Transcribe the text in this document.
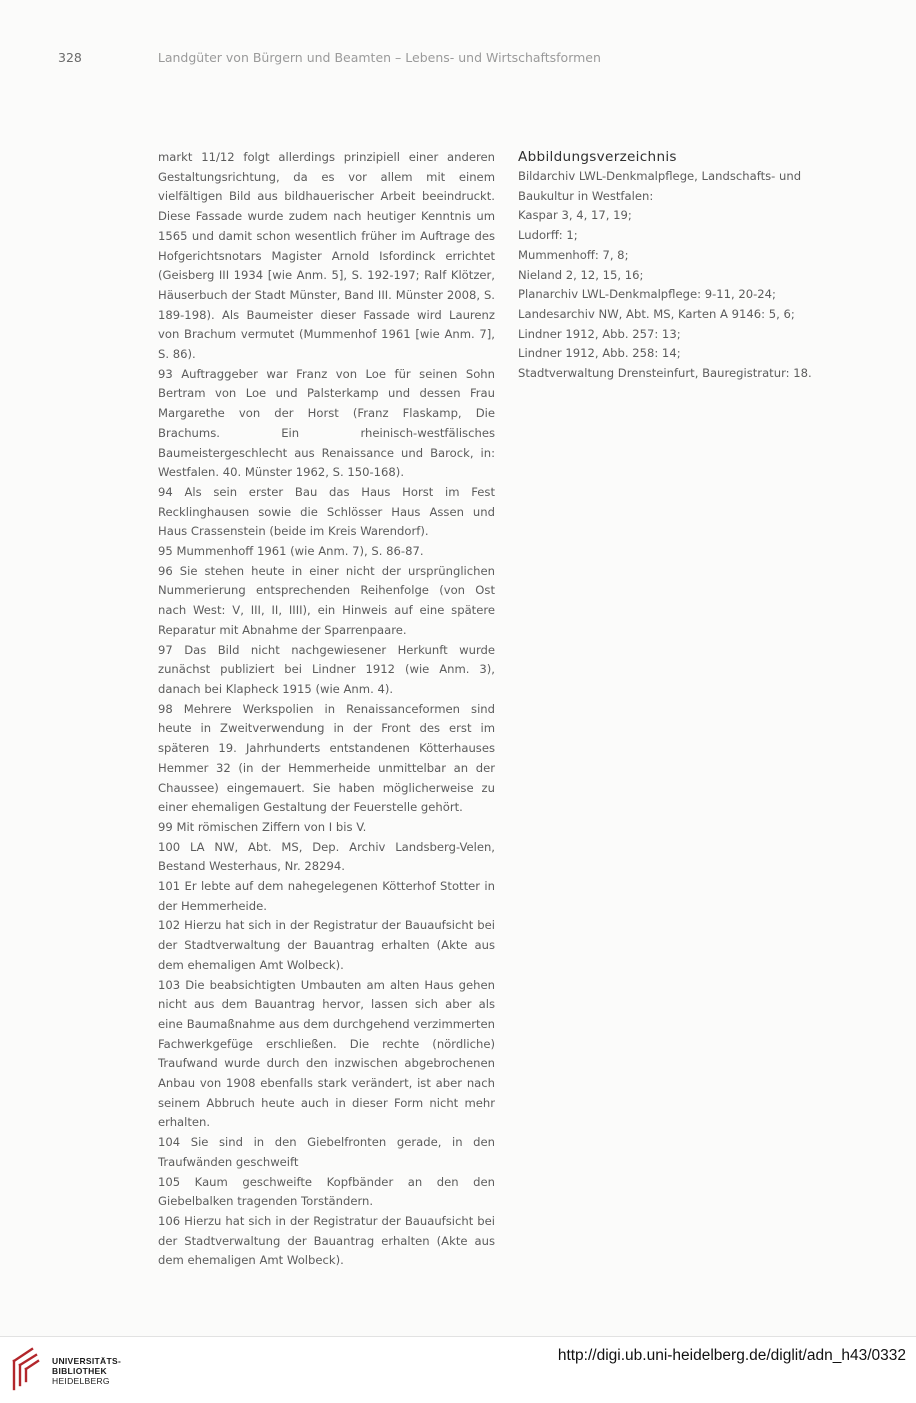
328	Landgüter von Bürgern und Beamten – Lebens- und Wirtschaftsformen

markt 11/12 folgt allerdings prinzipiell einer anderen Gestaltungsrichtung, da es vor allem mit einem vielfältigen Bild aus bildhauerischer Arbeit beeindruckt. Diese Fassade wurde zudem nach heutiger Kenntnis um 1565 und damit schon wesentlich früher im Auftrage des Hofgerichtsnotars Magister Arnold Isfordinck errichtet (Geisberg III 1934 [wie Anm. 5], S. 192-197; Ralf Klötzer, Häuserbuch der Stadt Münster, Band III. Münster 2008, S. 189-198). Als Baumeister dieser Fassade wird Laurenz von Brachum vermutet (Mummenhof 1961 [wie Anm. 7], S. 86).

93 Auftraggeber war Franz von Loe für seinen Sohn Bertram von Loe und Palsterkamp und dessen Frau Margarethe von der Horst (Franz Flaskamp, Die Brachums. Ein rheinisch-westfälisches Baumeistergeschlecht aus Renaissance und Barock, in: Westfalen. 40. Münster 1962, S. 150-168).

94 Als sein erster Bau das Haus Horst im Fest Recklinghausen sowie die Schlösser Haus Assen und Haus Crassenstein (beide im Kreis Warendorf).

95 Mummenhoff 1961 (wie Anm. 7), S. 86-87.

96 Sie stehen heute in einer nicht der ursprünglichen Nummerierung entsprechenden Reihenfolge (von Ost nach West: V, III, II, IIII), ein Hinweis auf eine spätere Reparatur mit Abnahme der Sparrenpaare.

97 Das Bild nicht nachgewiesener Herkunft wurde zunächst publiziert bei Lindner 1912 (wie Anm. 3), danach bei Klapheck 1915 (wie Anm. 4).

98 Mehrere Werkspolien in Renaissanceformen sind heute in Zweitverwendung in der Front des erst im späteren 19. Jahrhunderts entstandenen Kötterhauses Hemmer 32 (in der Hemmerheide unmittelbar an der Chaussee) eingemauert. Sie haben möglicherweise zu einer ehemaligen Gestaltung der Feuerstelle gehört.

99 Mit römischen Ziffern von I bis V.

100 LA NW, Abt. MS, Dep. Archiv Landsberg-Velen, Bestand Westerhaus, Nr. 28294.

101 Er lebte auf dem nahegelegenen Kötterhof Stotter in der Hemmerheide.

102 Hierzu hat sich in der Registratur der Bauaufsicht bei der Stadtverwaltung der Bauantrag erhalten (Akte aus dem ehemaligen Amt Wolbeck).

103 Die beabsichtigten Umbauten am alten Haus gehen nicht aus dem Bauantrag hervor, lassen sich aber als eine Baumaßnahme aus dem durchgehend verzimmerten Fachwerkgefüge erschließen. Die rechte (nördliche) Traufwand wurde durch den inzwischen abgebrochenen Anbau von 1908 ebenfalls stark verändert, ist aber nach seinem Abbruch heute auch in dieser Form nicht mehr erhalten.

104 Sie sind in den Giebelfronten gerade, in den Traufwänden geschweift

105 Kaum geschweifte Kopfbänder an den den Giebelbalken tragenden Torständern.

106 Hierzu hat sich in der Registratur der Bauaufsicht bei der Stadtverwaltung der Bauantrag erhalten (Akte aus dem ehemaligen Amt Wolbeck).

Abbildungsverzeichnis

Bildarchiv LWL-Denkmalpflege, Landschafts- und Baukultur in Westfalen:

Kaspar 3, 4, 17, 19;

Ludorff: 1;

Mummenhoff: 7, 8;

Nieland 2, 12, 15, 16;

Planarchiv LWL-Denkmalpflege: 9-11, 20-24;

Landesarchiv NW, Abt. MS, Karten A 9146: 5, 6;

Lindner 1912, Abb. 257: 13;

Lindner 1912, Abb. 258: 14;

Stadtverwaltung Drensteinfurt, Bauregistratur: 18.

UNIVERSITÄTS-
BIBLIOTHEK
HEIDELBERG
http://digi.ub.uni-heidelberg.de/diglit/adn_h43/0332
